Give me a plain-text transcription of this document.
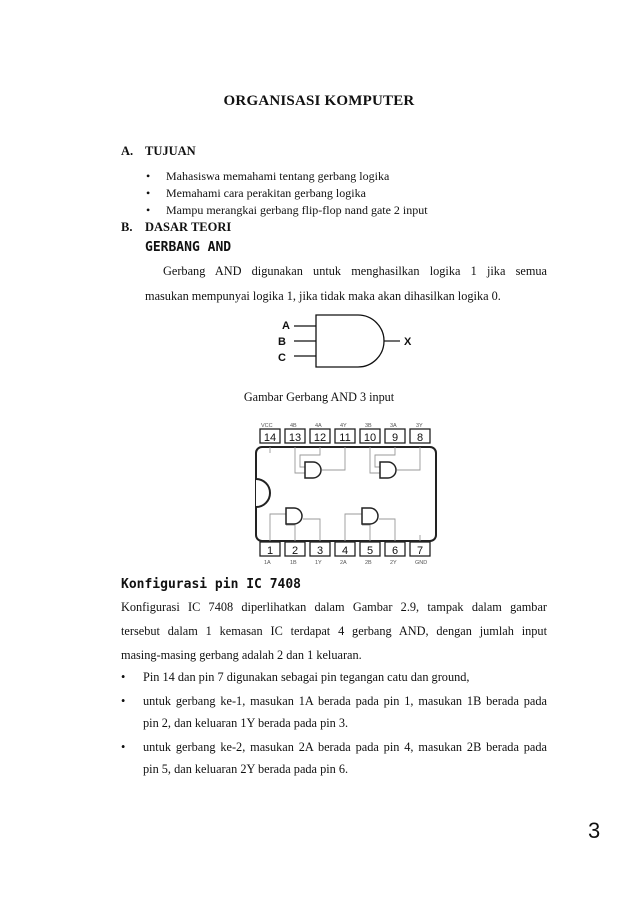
ORGANISASI KOMPUTER
A. TUJUAN
• Mahasiswa memahami tentang gerbang logika
• Memahami cara perakitan gerbang logika
• Mampu merangkai gerbang flip-flop nand gate 2 input
B. DASAR TEORI
GERBANG AND
Gerbang AND digunakan untuk menghasilkan logika 1 jika semua
masukan mempunyai logika 1, jika tidak maka akan dihasilkan logika 0.
A
B
C
X
Gambar Gerbang AND 3 input
VCC	4B	4A	4Y	3B	3A	3Y
14 13 12 11 10 9 8
1 2 3 4 5 6 7
1A	1B	1Y	2A	2B	2Y	GND
Konfigurasi pin IC 7408
Konfigurasi IC 7408 diperlihatkan dalam Gambar 2.9, tampak dalam gambar
tersebut dalam 1 kemasan IC terdapat 4 gerbang AND, dengan jumlah input
masing-masing gerbang adalah 2 dan 1 keluaran.
• Pin 14 dan pin 7 digunakan sebagai pin tegangan catu dan ground,
• untuk gerbang ke-1, masukan 1A berada pada pin 1, masukan 1B berada pada
pin 2, dan keluaran 1Y berada pada pin 3.
• untuk gerbang ke-2, masukan 2A berada pada pin 4, masukan 2B berada pada
pin 5, dan keluaran 2Y berada pada pin 6.
3
